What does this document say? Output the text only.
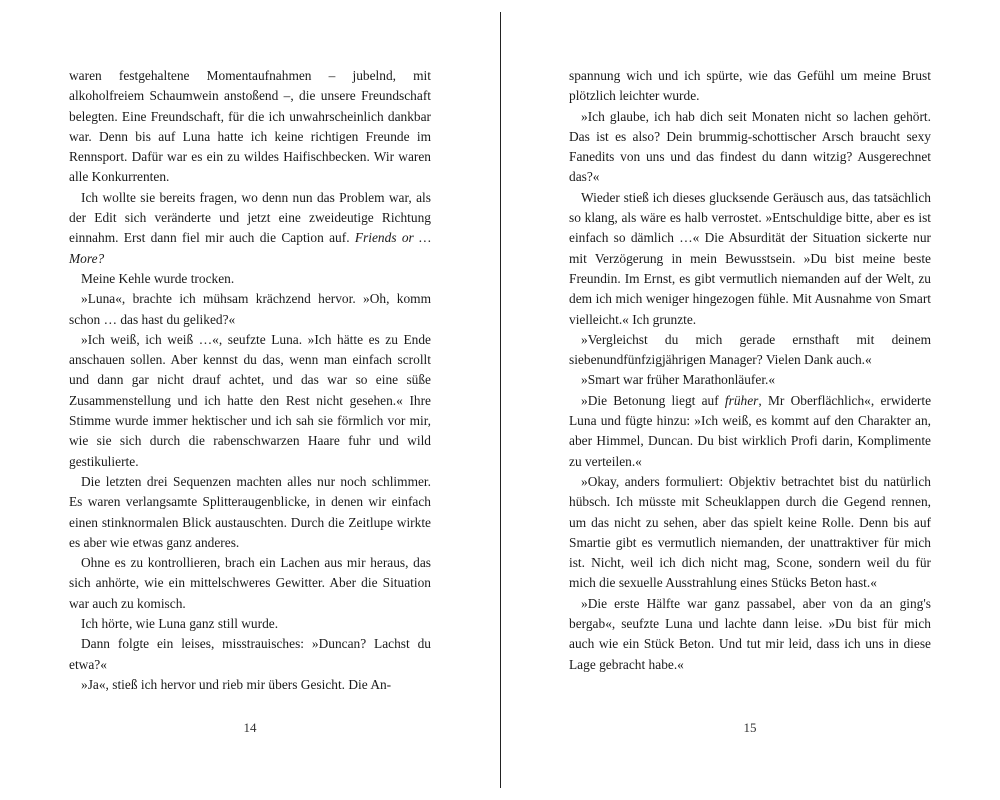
waren festgehaltene Momentaufnahmen – jubelnd, mit alkoholfreiem Schaumwein anstoßend –, die unsere Freundschaft belegten. Eine Freundschaft, für die ich unwahrscheinlich dankbar war. Denn bis auf Luna hatte ich keine richtigen Freunde im Rennsport. Dafür war es ein zu wildes Haifischbecken. Wir waren alle Konkurrenten.

Ich wollte sie bereits fragen, wo denn nun das Problem war, als der Edit sich veränderte und jetzt eine zweideutige Richtung einnahm. Erst dann fiel mir auch die Caption auf. Friends or … More?

Meine Kehle wurde trocken.

»Luna«, brachte ich mühsam krächzend hervor. »Oh, komm schon … das hast du geliked?«

»Ich weiß, ich weiß …«, seufzte Luna. »Ich hätte es zu Ende anschauen sollen. Aber kennst du das, wenn man einfach scrollt und dann gar nicht drauf achtet, und das war so eine süße Zusammenstellung und ich hatte den Rest nicht gesehen.« Ihre Stimme wurde immer hektischer und ich sah sie förmlich vor mir, wie sie sich durch die rabenschwarzen Haare fuhr und wild gestikulierte.

Die letzten drei Sequenzen machten alles nur noch schlimmer. Es waren verlangsamte Splitteraugenblicke, in denen wir einfach einen stinknormalen Blick austauschten. Durch die Zeitlupe wirkte es aber wie etwas ganz anderes.

Ohne es zu kontrollieren, brach ein Lachen aus mir heraus, das sich anhörte, wie ein mittelschweres Gewitter. Aber die Situation war auch zu komisch.

Ich hörte, wie Luna ganz still wurde.

Dann folgte ein leises, misstrauisches: »Duncan? Lachst du etwa?«

»Ja«, stieß ich hervor und rieb mir übers Gesicht. Die An-

14

spannung wich und ich spürte, wie das Gefühl um meine Brust plötzlich leichter wurde.

»Ich glaube, ich hab dich seit Monaten nicht so lachen gehört. Das ist es also? Dein brummig-schottischer Arsch braucht sexy Fanedits von uns und das findest du dann witzig? Ausgerechnet das?«

Wieder stieß ich dieses glucksende Geräusch aus, das tatsächlich so klang, als wäre es halb verrostet. »Entschuldige bitte, aber es ist einfach so dämlich …« Die Absurdität der Situation sickerte nur mit Verzögerung in mein Bewusstsein. »Du bist meine beste Freundin. Im Ernst, es gibt vermutlich niemanden auf der Welt, zu dem ich mich weniger hingezogen fühle. Mit Ausnahme von Smart vielleicht.« Ich grunzte.

»Vergleichst du mich gerade ernsthaft mit deinem siebenundfünfzigjährigen Manager? Vielen Dank auch.«

»Smart war früher Marathonläufer.«

»Die Betonung liegt auf früher, Mr Oberflächlich«, erwiderte Luna und fügte hinzu: »Ich weiß, es kommt auf den Charakter an, aber Himmel, Duncan. Du bist wirklich Profi darin, Komplimente zu verteilen.«

»Okay, anders formuliert: Objektiv betrachtet bist du natürlich hübsch. Ich müsste mit Scheuklappen durch die Gegend rennen, um das nicht zu sehen, aber das spielt keine Rolle. Denn bis auf Smartie gibt es vermutlich niemanden, der unattraktiver für mich ist. Nicht, weil ich dich nicht mag, Scone, sondern weil du für mich die sexuelle Ausstrahlung eines Stücks Beton hast.«

»Die erste Hälfte war ganz passabel, aber von da an ging's bergab«, seufzte Luna und lachte dann leise. »Du bist für mich auch wie ein Stück Beton. Und tut mir leid, dass ich uns in diese Lage gebracht habe.«

15
